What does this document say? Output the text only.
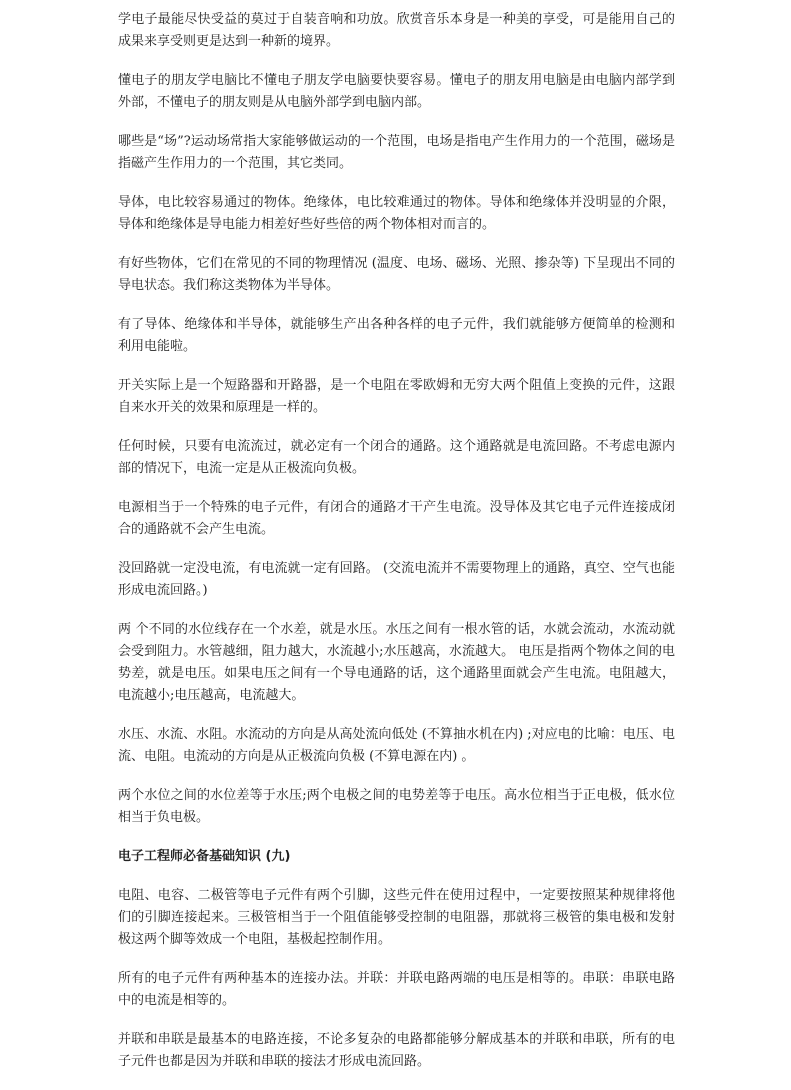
学电子最能尽快受益的莫过于自装音响和功放。欣赏音乐本身是一种美的享受，可是能用自己的成果来享受则更是达到一种新的境界。

懂电子的朋友学电脑比不懂电子朋友学电脑要快要容易。懂电子的朋友用电脑是由电脑内部学到外部，不懂电子的朋友则是从电脑外部学到电脑内部。

哪些是“场”?运动场常指大家能够做运动的一个范围，电场是指电产生作用力的一个范围，磁场是指磁产生作用力的一个范围，其它类同。

导体，电比较容易通过的物体。绝缘体，电比较难通过的物体。导体和绝缘体并没明显的介限，导体和绝缘体是导电能力相差好些好些倍的两个物体相对而言的。

有好些物体，它们在常见的不同的物理情况 (温度、电场、磁场、光照、掺杂等) 下呈现出不同的导电状态。我们称这类物体为半导体。

有了导体、绝缘体和半导体，就能够生产出各种各样的电子元件，我们就能够方便简单的检测和利用电能啦。

开关实际上是一个短路器和开路器，是一个电阻在零欧姆和无穷大两个阻值上变换的元件，这跟自来水开关的效果和原理是一样的。

任何时候，只要有电流流过，就必定有一个闭合的通路。这个通路就是电流回路。不考虑电源内部的情况下，电流一定是从正极流向负极。

电源相当于一个特殊的电子元件，有闭合的通路才干产生电流。没导体及其它电子元件连接成闭合的通路就不会产生电流。

没回路就一定没电流，有电流就一定有回路。 (交流电流并不需要物理上的通路，真空、空气也能形成电流回路。)

两 个不同的水位线存在一个水差，就是水压。水压之间有一根水管的话，水就会流动，水流动就会受到阻力。水管越细，阻力越大，水流越小;水压越高，水流越大。 电压是指两个物体之间的电势差，就是电压。如果电压之间有一个导电通路的话，这个通路里面就会产生电流。电阻越大，电流越小;电压越高，电流越大。

水压、水流、水阻。水流动的方向是从高处流向低处 (不算抽水机在内) ;对应电的比喻：电压、电流、电阻。电流动的方向是从正极流向负极 (不算电源在内) 。

两个水位之间的水位差等于水压;两个电极之间的电势差等于电压。高水位相当于正电极，低水位相当于负电极。

电子工程师必备基础知识 (九)

电阻、电容、二极管等电子元件有两个引脚，这些元件在使用过程中，一定要按照某种规律将他们的引脚连接起来。三极管相当于一个阻值能够受控制的电阻器，那就将三极管的集电极和发射极这两个脚等效成一个电阻，基极起控制作用。

所有的电子元件有两种基本的连接办法。并联：并联电路两端的电压是相等的。串联：串联电路中的电流是相等的。

并联和串联是最基本的电路连接，不论多复杂的电路都能够分解成基本的并联和串联，所有的电子元件也都是因为并联和串联的接法才形成电流回路。
